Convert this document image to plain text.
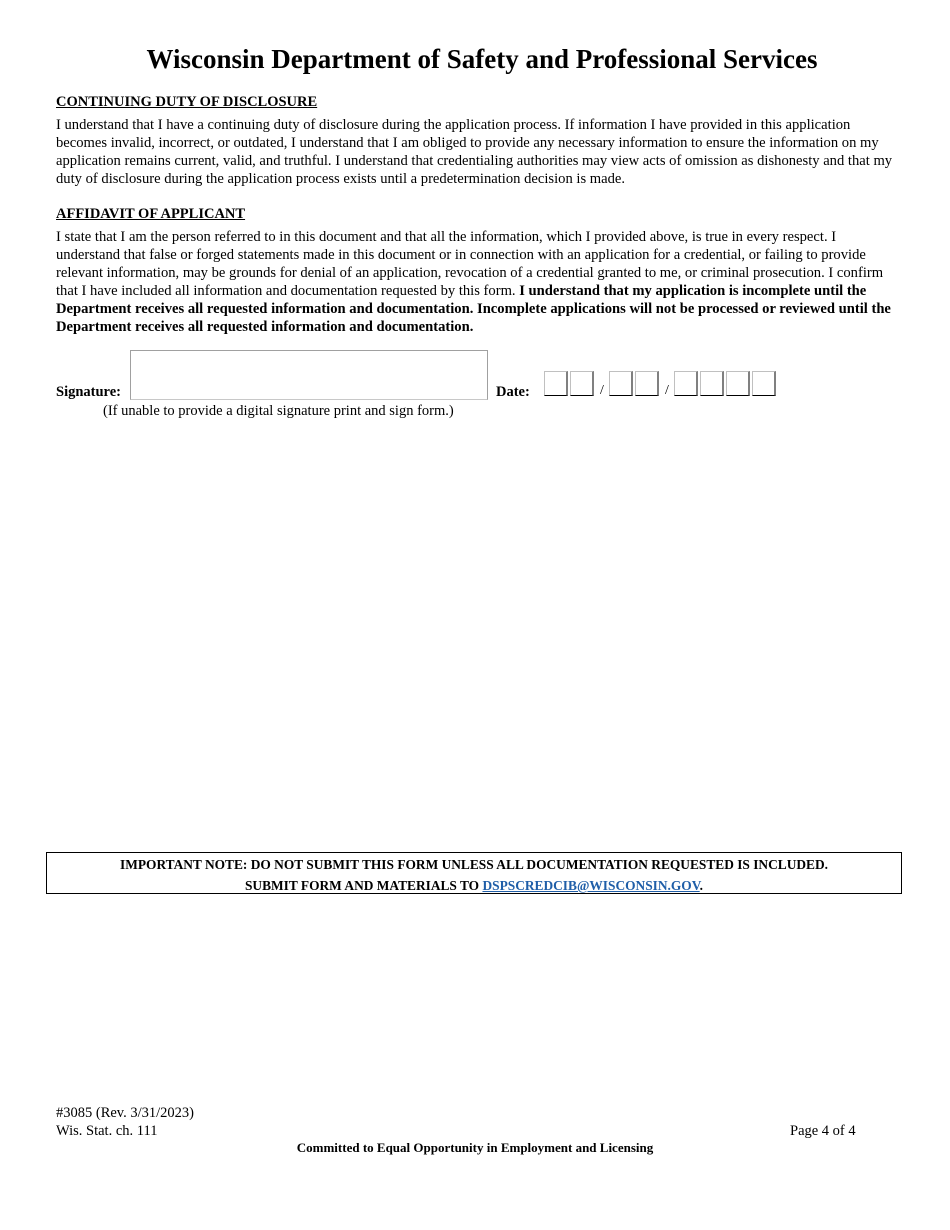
Wisconsin Department of Safety and Professional Services
CONTINUING DUTY OF DISCLOSURE

I understand that I have a continuing duty of disclosure during the application process. If information I have provided in this application becomes invalid, incorrect, or outdated, I understand that I am obliged to provide any necessary information to ensure the information on my application remains current, valid, and truthful. I understand that credentialing authorities may view acts of omission as dishonesty and that my duty of disclosure during the application process exists until a predetermination decision is made.

AFFIDAVIT OF APPLICANT

I state that I am the person referred to in this document and that all the information, which I provided above, is true in every respect. I understand that false or forged statements made in this document or in connection with an application for a credential, or failing to provide relevant information, may be grounds for denial of an application, revocation of a credential granted to me, or criminal prosecution. I confirm that I have included all information and documentation requested by this form. I understand that my application is incomplete until the Department receives all requested information and documentation. Incomplete applications will not be processed or reviewed until the Department receives all requested information and documentation.

Signature:
(If unable to provide a digital signature print and sign form.)
Date:	/	/
IMPORTANT NOTE: DO NOT SUBMIT THIS FORM UNLESS ALL DOCUMENTATION REQUESTED IS INCLUDED.
SUBMIT FORM AND MATERIALS TO DSPSCREDCIB@WISCONSIN.GOV.
#3085 (Rev. 3/31/2023)
Wis. Stat. ch. 111	Page 4 of 4
Committed to Equal Opportunity in Employment and Licensing
